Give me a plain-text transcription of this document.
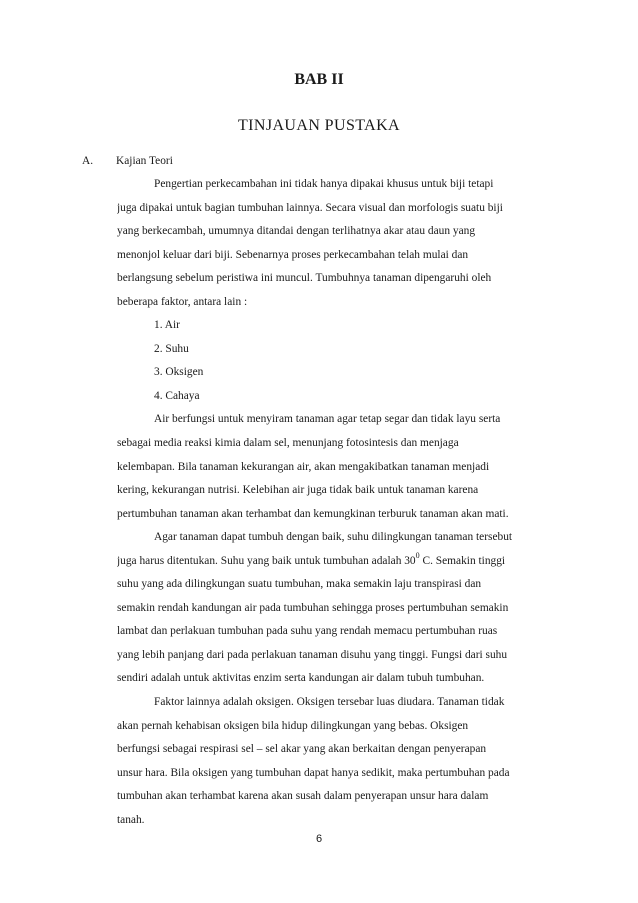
BAB II
TINJAUAN PUSTAKA
A. Kajian Teori
Pengertian perkecambahan ini tidak hanya dipakai khusus untuk biji tetapi
juga dipakai untuk bagian tumbuhan lainnya. Secara visual dan morfologis suatu biji
yang berkecambah, umumnya ditandai dengan terlihatnya akar atau daun yang
menonjol keluar dari biji. Sebenarnya proses perkecambahan telah mulai dan
berlangsung sebelum peristiwa ini muncul. Tumbuhnya tanaman dipengaruhi oleh
beberapa faktor, antara lain :
1. Air
2. Suhu
3. Oksigen
4. Cahaya
Air berfungsi untuk menyiram tanaman agar tetap segar dan tidak layu serta
sebagai media reaksi kimia dalam sel, menunjang fotosintesis dan menjaga
kelembapan. Bila tanaman kekurangan air, akan mengakibatkan tanaman menjadi
kering, kekurangan nutrisi. Kelebihan air juga tidak baik untuk tanaman karena
pertumbuhan tanaman akan terhambat dan kemungkinan terburuk tanaman akan mati.
Agar tanaman dapat tumbuh dengan baik, suhu dilingkungan tanaman tersebut
juga harus ditentukan. Suhu yang baik untuk tumbuhan adalah $30^0$ C. Semakin tinggi
suhu yang ada dilingkungan suatu tumbuhan, maka semakin laju transpirasi dan
semakin rendah kandungan air pada tumbuhan sehingga proses pertumbuhan semakin
lambat dan perlakuan tumbuhan pada suhu yang rendah memacu pertumbuhan ruas
yang lebih panjang dari pada perlakuan tanaman disuhu yang tinggi. Fungsi dari suhu
sendiri adalah untuk aktivitas enzim serta kandungan air dalam tubuh tumbuhan.
Faktor lainnya adalah oksigen. Oksigen tersebar luas diudara. Tanaman tidak
akan pernah kehabisan oksigen bila hidup dilingkungan yang bebas. Oksigen
berfungsi sebagai respirasi sel – sel akar yang akan berkaitan dengan penyerapan
unsur hara. Bila oksigen yang tumbuhan dapat hanya sedikit, maka pertumbuhan pada
tumbuhan akan terhambat karena akan susah dalam penyerapan unsur hara dalam
tanah.
6
